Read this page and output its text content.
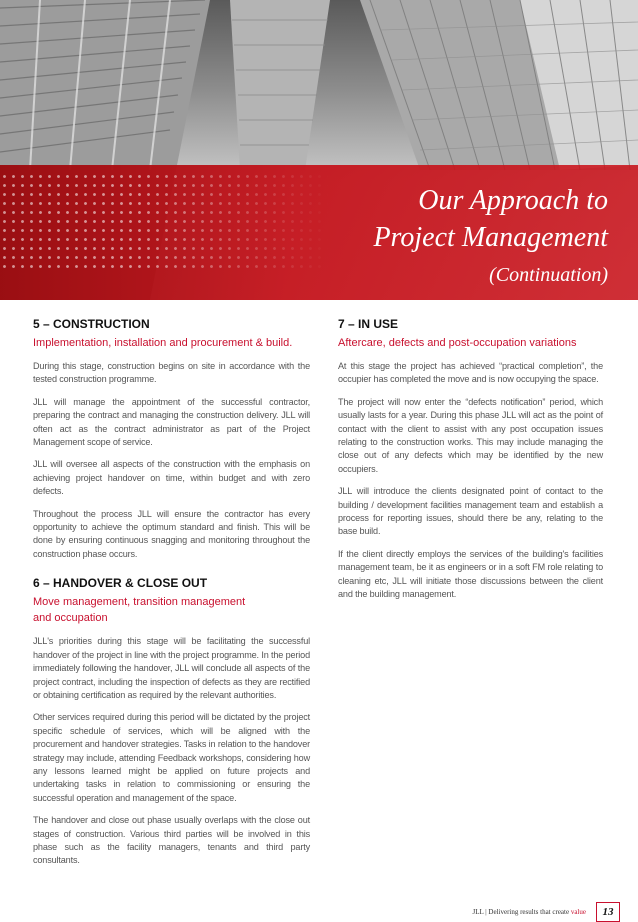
Our Approach to
Project Management
(Continuation)
5 – CONSTRUCTION
Implementation, installation and procurement & build.

During this stage, construction begins on site in accordance with the tested construction programme.

JLL will manage the appointment of the successful contractor, preparing the contract and managing the construction delivery. JLL will often act as the contract administrator as part of the Project Management scope of service.

JLL will oversee all aspects of the construction with the emphasis on achieving project handover on time, within budget and with zero defects.

Throughout the process JLL will ensure the contractor has every opportunity to achieve the optimum standard and finish. This will be done by ensuring continuous snagging and monitoring throughout the construction phase occurs.

6 – HANDOVER & CLOSE OUT
Move management, transition management and occupation

JLL's priorities during this stage will be facilitating the successful handover of the project in line with the project programme. In the period immediately following the handover, JLL will conclude all aspects of the project contract, including the inspection of defects as they are rectified or obtaining certification as required by the relevant authorities.

Other services required during this period will be dictated by the project specific schedule of services, which will be aligned with the procurement and handover strategies. Tasks in relation to the handover strategy may include, attending Feedback workshops, considering how any lessons learned might be applied on future projects and undertaking tasks in relation to commissioning or ensuring the successful operation and management of the space.

The handover and close out phase usually overlaps with the close out stages of construction. Various third parties will be involved in this phase such as the facility managers, tenants and third party consultants.

7 – IN USE
Aftercare, defects and post-occupation variations

At this stage the project has achieved “practical completion”, the occupier has completed the move and is now occupying the space.

The project will now enter the “defects notification” period, which usually lasts for a year. During this phase JLL will act as the point of contact with the client to assist with any post occupation issues relating to the construction works. This may include managing the close out of any defects which may be identified by the new occupiers.

JLL will introduce the clients designated point of contact to the building / development facilities management team and establish a process for reporting issues, should there be any, relating to the base build.

If the client directly employs the services of the building's facilities management team, be it as engineers or in a soft FM role relating to cleaning etc, JLL will initiate those discussions between the client and the building management.

JLL | Delivering results that create value	13
